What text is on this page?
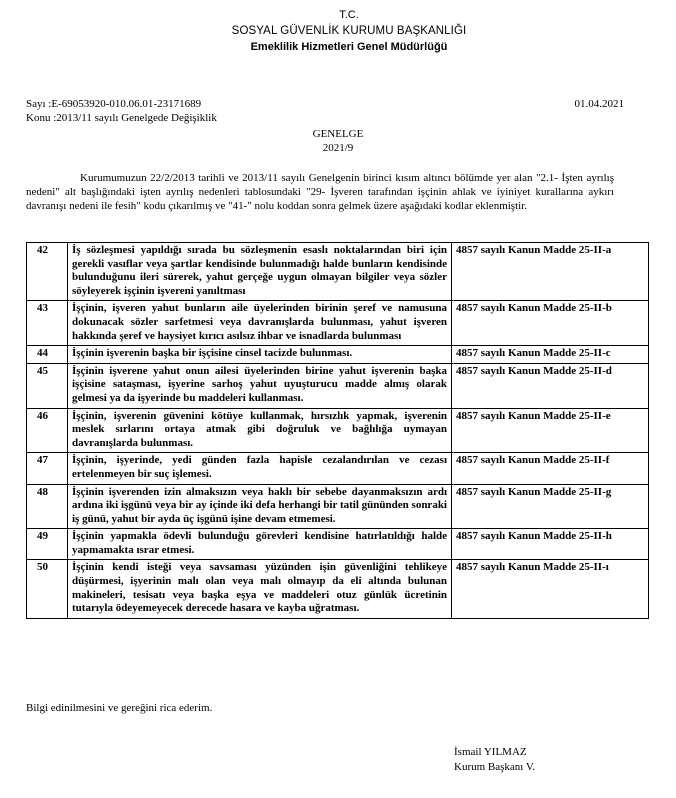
T.C.
SOSYAL GÜVENLİK KURUMU BAŞKANLIĞI
Emeklilik Hizmetleri Genel Müdürlüğü
Sayı :E-69053920-010.06.01-23171689	01.04.2021
Konu :2013/11 sayılı Genelgede Değişiklik
GENELGE
2021/9
Kurumumuzun 22/2/2013 tarihli ve 2013/11 sayılı Genelgenin birinci kısım altıncı bölümde yer alan "2.1- İşten ayrılış nedeni" alt başlığındaki işten ayrılış nedenleri tablosundaki "29- İşveren tarafından işçinin ahlak ve iyiniyet kurallarına aykırı davranışı nedeni ile fesih" kodu çıkarılmış ve "41-" nolu koddan sonra gelmek üzere aşağıdaki kodlar eklenmiştir.
42	İş sözleşmesi yapıldığı sırada bu sözleşmenin esaslı noktalarından biri için gerekli vasıflar veya şartlar kendisinde bulunmadığı halde bunların kendisinde bulunduğunu ileri sürerek, yahut gerçeğe uygun olmayan bilgiler veya sözler söyleyerek işçinin işvereni yanıltması	4857 sayılı Kanun Madde 25-II-a
43	İşçinin, işveren yahut bunların aile üyelerinden birinin şeref ve namusuna dokunacak sözler sarfetmesi veya davranışlarda bulunması, yahut işveren hakkında şeref ve haysiyet kırıcı asılsız ihbar ve isnadlarda bulunması	4857 sayılı Kanun Madde 25-II-b
44	İşçinin işverenin başka bir işçisine cinsel tacizde bulunması.	4857 sayılı Kanun Madde 25-II-c
45	İşçinin işverene yahut onun ailesi üyelerinden birine yahut işverenin başka işçisine sataşması, işyerine sarhoş yahut uyuşturucu madde almış olarak gelmesi ya da işyerinde bu maddeleri kullanması.	4857 sayılı Kanun Madde 25-II-d
46	İşçinin, işverenin güvenini kötüye kullanmak, hırsızlık yapmak, işverenin meslek sırlarını ortaya atmak gibi doğruluk ve bağlılığa uymayan davranışlarda bulunması.	4857 sayılı Kanun Madde 25-II-e
47	İşçinin, işyerinde, yedi günden fazla hapisle cezalandırılan ve cezası ertelenmeyen bir suç işlemesi.	4857 sayılı Kanun Madde 25-II-f
48	İşçinin işverenden izin almaksızın veya haklı bir sebebe dayanmaksızın ardı ardına iki işgünü veya bir ay içinde iki defa herhangi bir tatil gününden sonraki iş günü, yahut bir ayda üç işgünü işine devam etmemesi.	4857 sayılı Kanun Madde 25-II-g
49	İşçinin yapmakla ödevli bulunduğu görevleri kendisine hatırlatıldığı halde yapmamakta ısrar etmesi.	4857 sayılı Kanun Madde 25-II-h
50	İşçinin kendi isteği veya savsaması yüzünden işin güvenliğini tehlikeye düşürmesi, işyerinin malı olan veya malı olmayıp da eli altında bulunan makineleri, tesisatı veya başka eşya ve maddeleri otuz günlük ücretinin tutarıyla ödeyemeyecek derecede hasara ve kayba uğratması.	4857 sayılı Kanun Madde 25-II-ı
Bilgi edinilmesini ve gereğini rica ederim.
İsmail YILMAZ
Kurum Başkanı V.
